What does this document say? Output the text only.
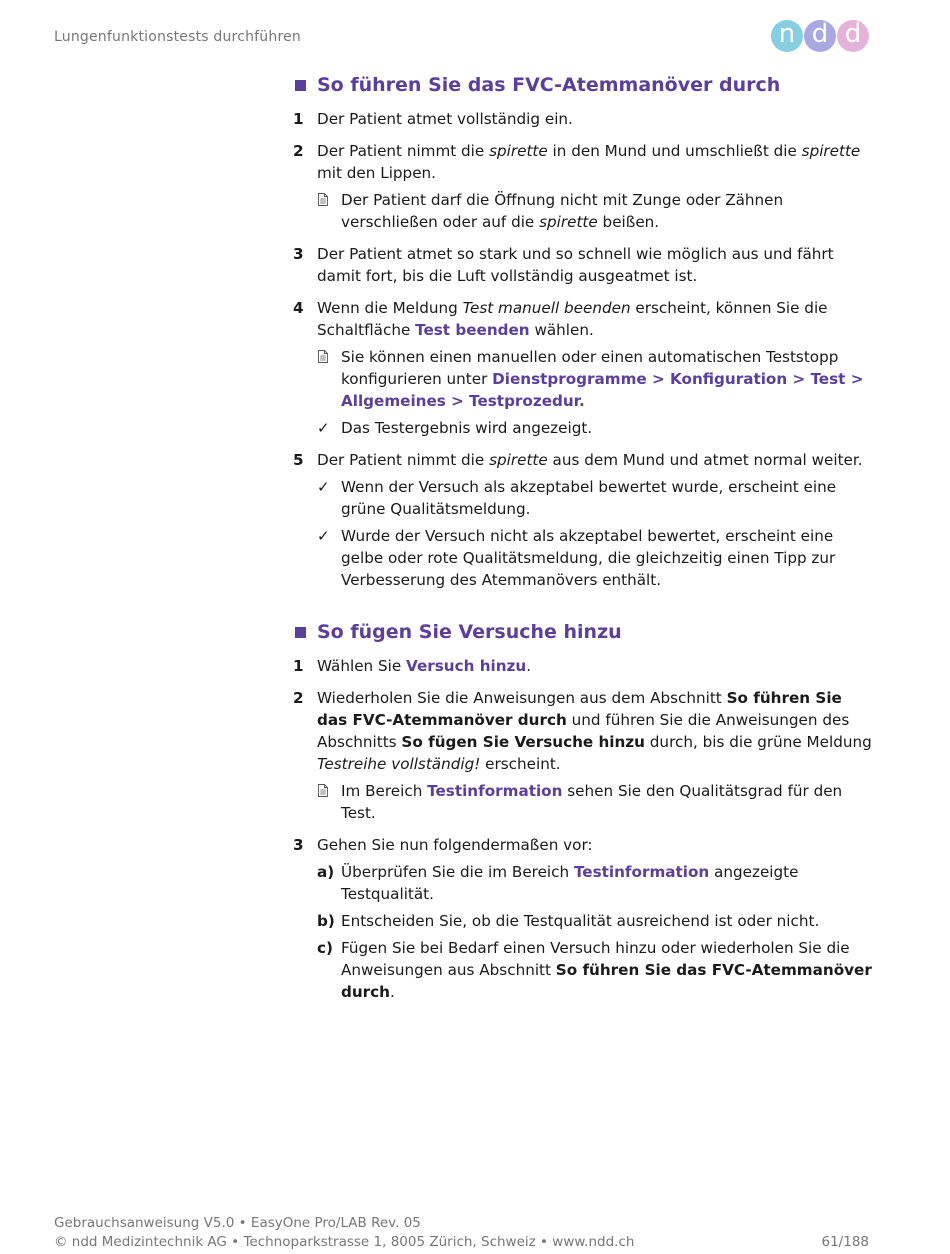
Lungenfunktionstests durchführen	n d d
So führen Sie das FVC-Atemmanöver durch
1 Der Patient atmet vollständig ein.
2 Der Patient nimmt die spirette in den Mund und umschließt die spirette mit den Lippen.
Der Patient darf die Öffnung nicht mit Zunge oder Zähnen verschließen oder auf die spirette beißen.
3 Der Patient atmet so stark und so schnell wie möglich aus und fährt damit fort, bis die Luft vollständig ausgeatmet ist.
4 Wenn die Meldung Test manuell beenden erscheint, können Sie die Schaltfläche Test beenden wählen.
Sie können einen manuellen oder einen automatischen Teststopp konfigurieren unter Dienstprogramme > Konfiguration > Test > Allgemeines > Testprozedur.
✓ Das Testergebnis wird angezeigt.
5 Der Patient nimmt die spirette aus dem Mund und atmet normal weiter.
✓ Wenn der Versuch als akzeptabel bewertet wurde, erscheint eine grüne Qualitätsmeldung.
✓ Wurde der Versuch nicht als akzeptabel bewertet, erscheint eine gelbe oder rote Qualitätsmeldung, die gleichzeitig einen Tipp zur Verbesserung des Atemmanövers enthält.
So fügen Sie Versuche hinzu
1 Wählen Sie Versuch hinzu.
2 Wiederholen Sie die Anweisungen aus dem Abschnitt So führen Sie das FVC-Atemmanöver durch und führen Sie die Anweisungen des Abschnitts So fügen Sie Versuche hinzu durch, bis die grüne Meldung Testreihe vollständig! erscheint.
Im Bereich Testinformation sehen Sie den Qualitätsgrad für den Test.
3 Gehen Sie nun folgendermaßen vor:
a) Überprüfen Sie die im Bereich Testinformation angezeigte Testqualität.
b) Entscheiden Sie, ob die Testqualität ausreichend ist oder nicht.
c) Fügen Sie bei Bedarf einen Versuch hinzu oder wiederholen Sie die Anweisungen aus Abschnitt So führen Sie das FVC-Atemmanöver durch.
Gebrauchsanweisung V5.0 • EasyOne Pro/LAB Rev. 05
© ndd Medizintechnik AG • Technoparkstrasse 1, 8005 Zürich, Schweiz • www.ndd.ch	61/188
